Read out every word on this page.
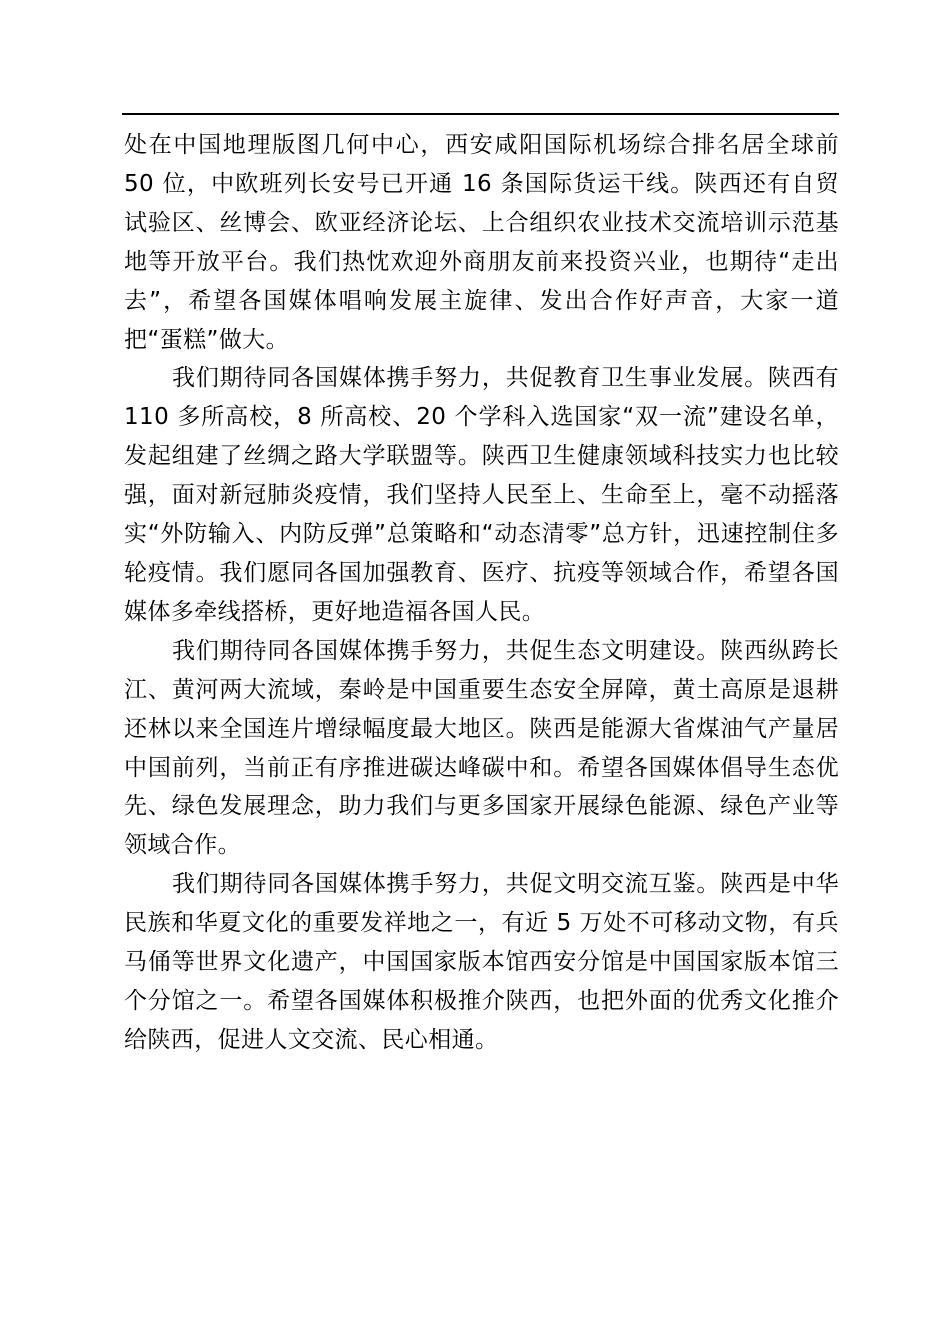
处在中国地理版图几何中心，西安咸阳国际机场综合排名居全球前 50 位，中欧班列长安号已开通 16 条国际货运干线。陕西还有自贸试验区、丝博会、欧亚经济论坛、上合组织农业技术交流培训示范基地等开放平台。我们热忱欢迎外商朋友前来投资兴业，也期待“走出去”，希望各国媒体唱响发展主旋律、发出合作好声音，大家一道把“蛋糕”做大。

我们期待同各国媒体携手努力，共促教育卫生事业发展。陕西有 110 多所高校，8 所高校、20 个学科入选国家“双一流”建设名单，发起组建了丝绸之路大学联盟等。陕西卫生健康领域科技实力也比较强，面对新冠肺炎疫情，我们坚持人民至上、生命至上，毫不动摇落实“外防输入、内防反弹”总策略和“动态清零”总方针，迅速控制住多轮疫情。我们愿同各国加强教育、医疗、抗疫等领域合作，希望各国媒体多牵线搭桥，更好地造福各国人民。

我们期待同各国媒体携手努力，共促生态文明建设。陕西纵跨长江、黄河两大流域，秦岭是中国重要生态安全屏障，黄土高原是退耕还林以来全国连片增绿幅度最大地区。陕西是能源大省煤油气产量居中国前列，当前正有序推进碳达峰碳中和。希望各国媒体倡导生态优先、绿色发展理念，助力我们与更多国家开展绿色能源、绿色产业等领域合作。

我们期待同各国媒体携手努力，共促文明交流互鉴。陕西是中华民族和华夏文化的重要发祥地之一，有近 5 万处不可移动文物，有兵马俑等世界文化遗产，中国国家版本馆西安分馆是中国国家版本馆三个分馆之一。希望各国媒体积极推介陕西，也把外面的优秀文化推介给陕西，促进人文交流、民心相通。
